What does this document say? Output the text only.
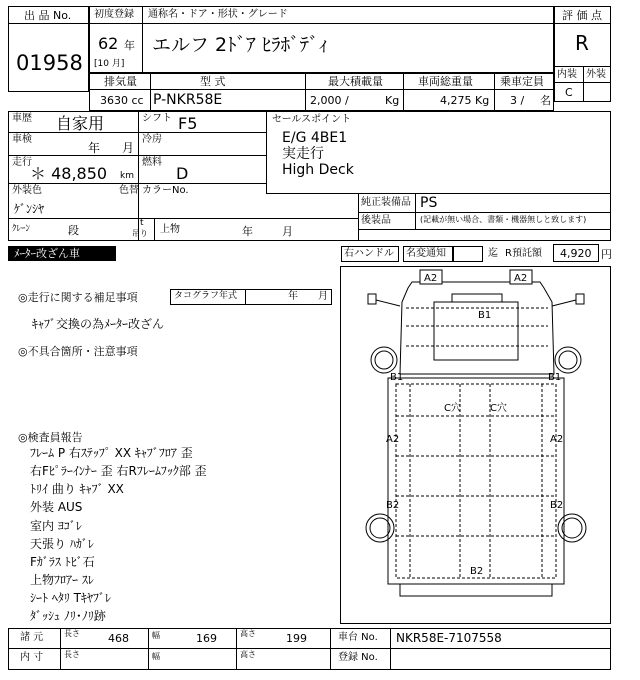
出 品 No.
01958
初度登録 通称名・ドア・形状・グレード
62 年
[10 月]
エルフ 2ﾄﾞｱ ﾋﾗﾎﾞﾃﾞｨ
評 価 点
R
内装 外装
C
排気量	型 式	最大積載量	車両総重量 乗車定員
3630 cc P-NKR58E	2,000 /	Kg	4,275 Kg 3 / 名
車歴 自家用	シフト F5
車検
年 月
冷房
走行
＊ 48,850 km
燃料
D
外装色
ｹﾞﾝｼﾔ
色替 カラーNo.
ｸﾚｰﾝ	段
t
吊り 上物	年	月
セールスポイント
E/G 4BE1
実走行
High Deck
純正装備品 PS
後装品	(記載が無い場合、書類・機器無しと致します)
ﾒｰﾀｰ改ざん車	右ハンドル 名変通知	迄 R預託額 4,920 円
◎走行に関する補足事項	タコグラフ年式	年 月
ｷｬﾌﾞ交換の為ﾒｰﾀｰ改ざん
◎不具合箇所・注意事項
◎検査員報告
ﾌﾚｰﾑ P 右ｽﾃｯﾌﾟ XX ｷｬﾌﾞﾌﾛｱ 歪
右Fﾋﾟﾗｰｲﾝﾅｰ 歪 右Rﾌﾚｰﾑﾌｯｸ部 歪
ﾄﾘｲ 曲り ｷｬﾌﾞ XX
外装 AUS
室内 ﾖｺﾞﾚ
天張り ﾊｶﾞﾚ
Fｶﾞﾗｽ ﾄﾋﾞ石
上物ﾌﾛｱｰ ｽﾚ
ｼｰﾄ ﾍﾀﾘ Tｷﾔﾌﾞﾚ
ﾀﾞｯｼｭ ﾉﾘ･ﾉﾘ跡
A2	A2
B1
B1	B1
C穴	C穴
A2	A2
B2	B2
B2
諸 元	長さ	468	幅	169	高さ	199	車台 No. NKR58E-7107558
内 寸	長さ	幅	高さ	登録 No.
